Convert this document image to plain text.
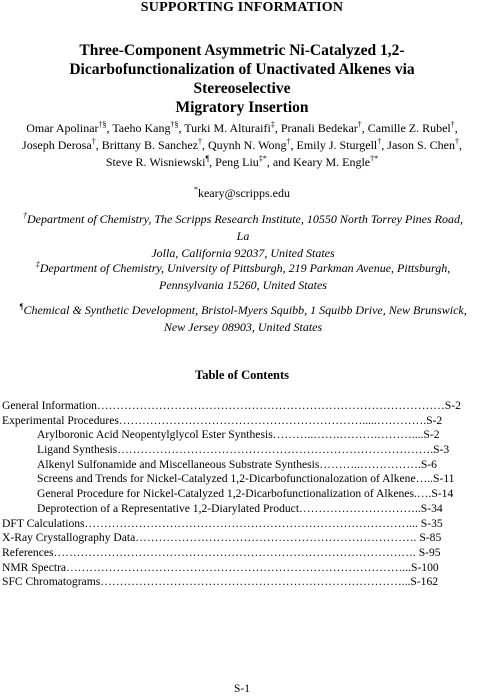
SUPPORTING INFORMATION
Three-Component Asymmetric Ni-Catalyzed 1,2-
Dicarbofunctionalization of Unactivated Alkenes via Stereoselective
Migratory Insertion
Omar Apolinar†§, Taeho Kang†§, Turki M. Alturaifi‡, Pranali Bedekar†, Camille Z. Rubel†,
Joseph Derosa†, Brittany B. Sanchez†, Quynh N. Wong†, Emily J. Sturgell†, Jason S. Chen†,
Steve R. Wisniewski¶, Peng Liu‡*, and Keary M. Engle†*
*keary@scripps.edu
†Department of Chemistry, The Scripps Research Institute, 10550 North Torrey Pines Road, La
Jolla, California 92037, United States
‡Department of Chemistry, University of Pittsburgh, 219 Parkman Avenue, Pittsburgh,
Pennsylvania 15260, United States
¶Chemical & Synthetic Development, Bristol-Myers Squibb, 1 Squibb Drive, New Brunswick,
New Jersey 08903, United States
Table of Contents
General Information………………………………………………………………………………S-2
Experimental Procedures……………………………………………………….....………….S-2
Arylboronic Acid Neopentylglycol Ester Synthesis………..…….……….………....S-2
Ligand Synthesis……………………………………………………………………….S-3
Alkenyl Sulfonamide and Miscellaneous Substrate Synthesis………..…………….S-6
Screens and Trends for Nickel-Catalyzed 1,2-Dicarbofunctionalozation of Alkene…..S-11
General Procedure for Nickel-Catalyzed 1,2-Dicarbofunctionalization of Alkenes.….S-14
Deprotection of a Representative 1,2-Diarylated Product…………………………..S-34
DFT Calculations…………………………………………………………………………... S-35
X-Ray Crystallography Data………………………………………………………………. S-85
References…………………………………………………………………………………. S-95
NMR Spectra……………………………………………………………………………...S-100
SFC Chromatograms……………………………………………………………………...S-162
S-1
